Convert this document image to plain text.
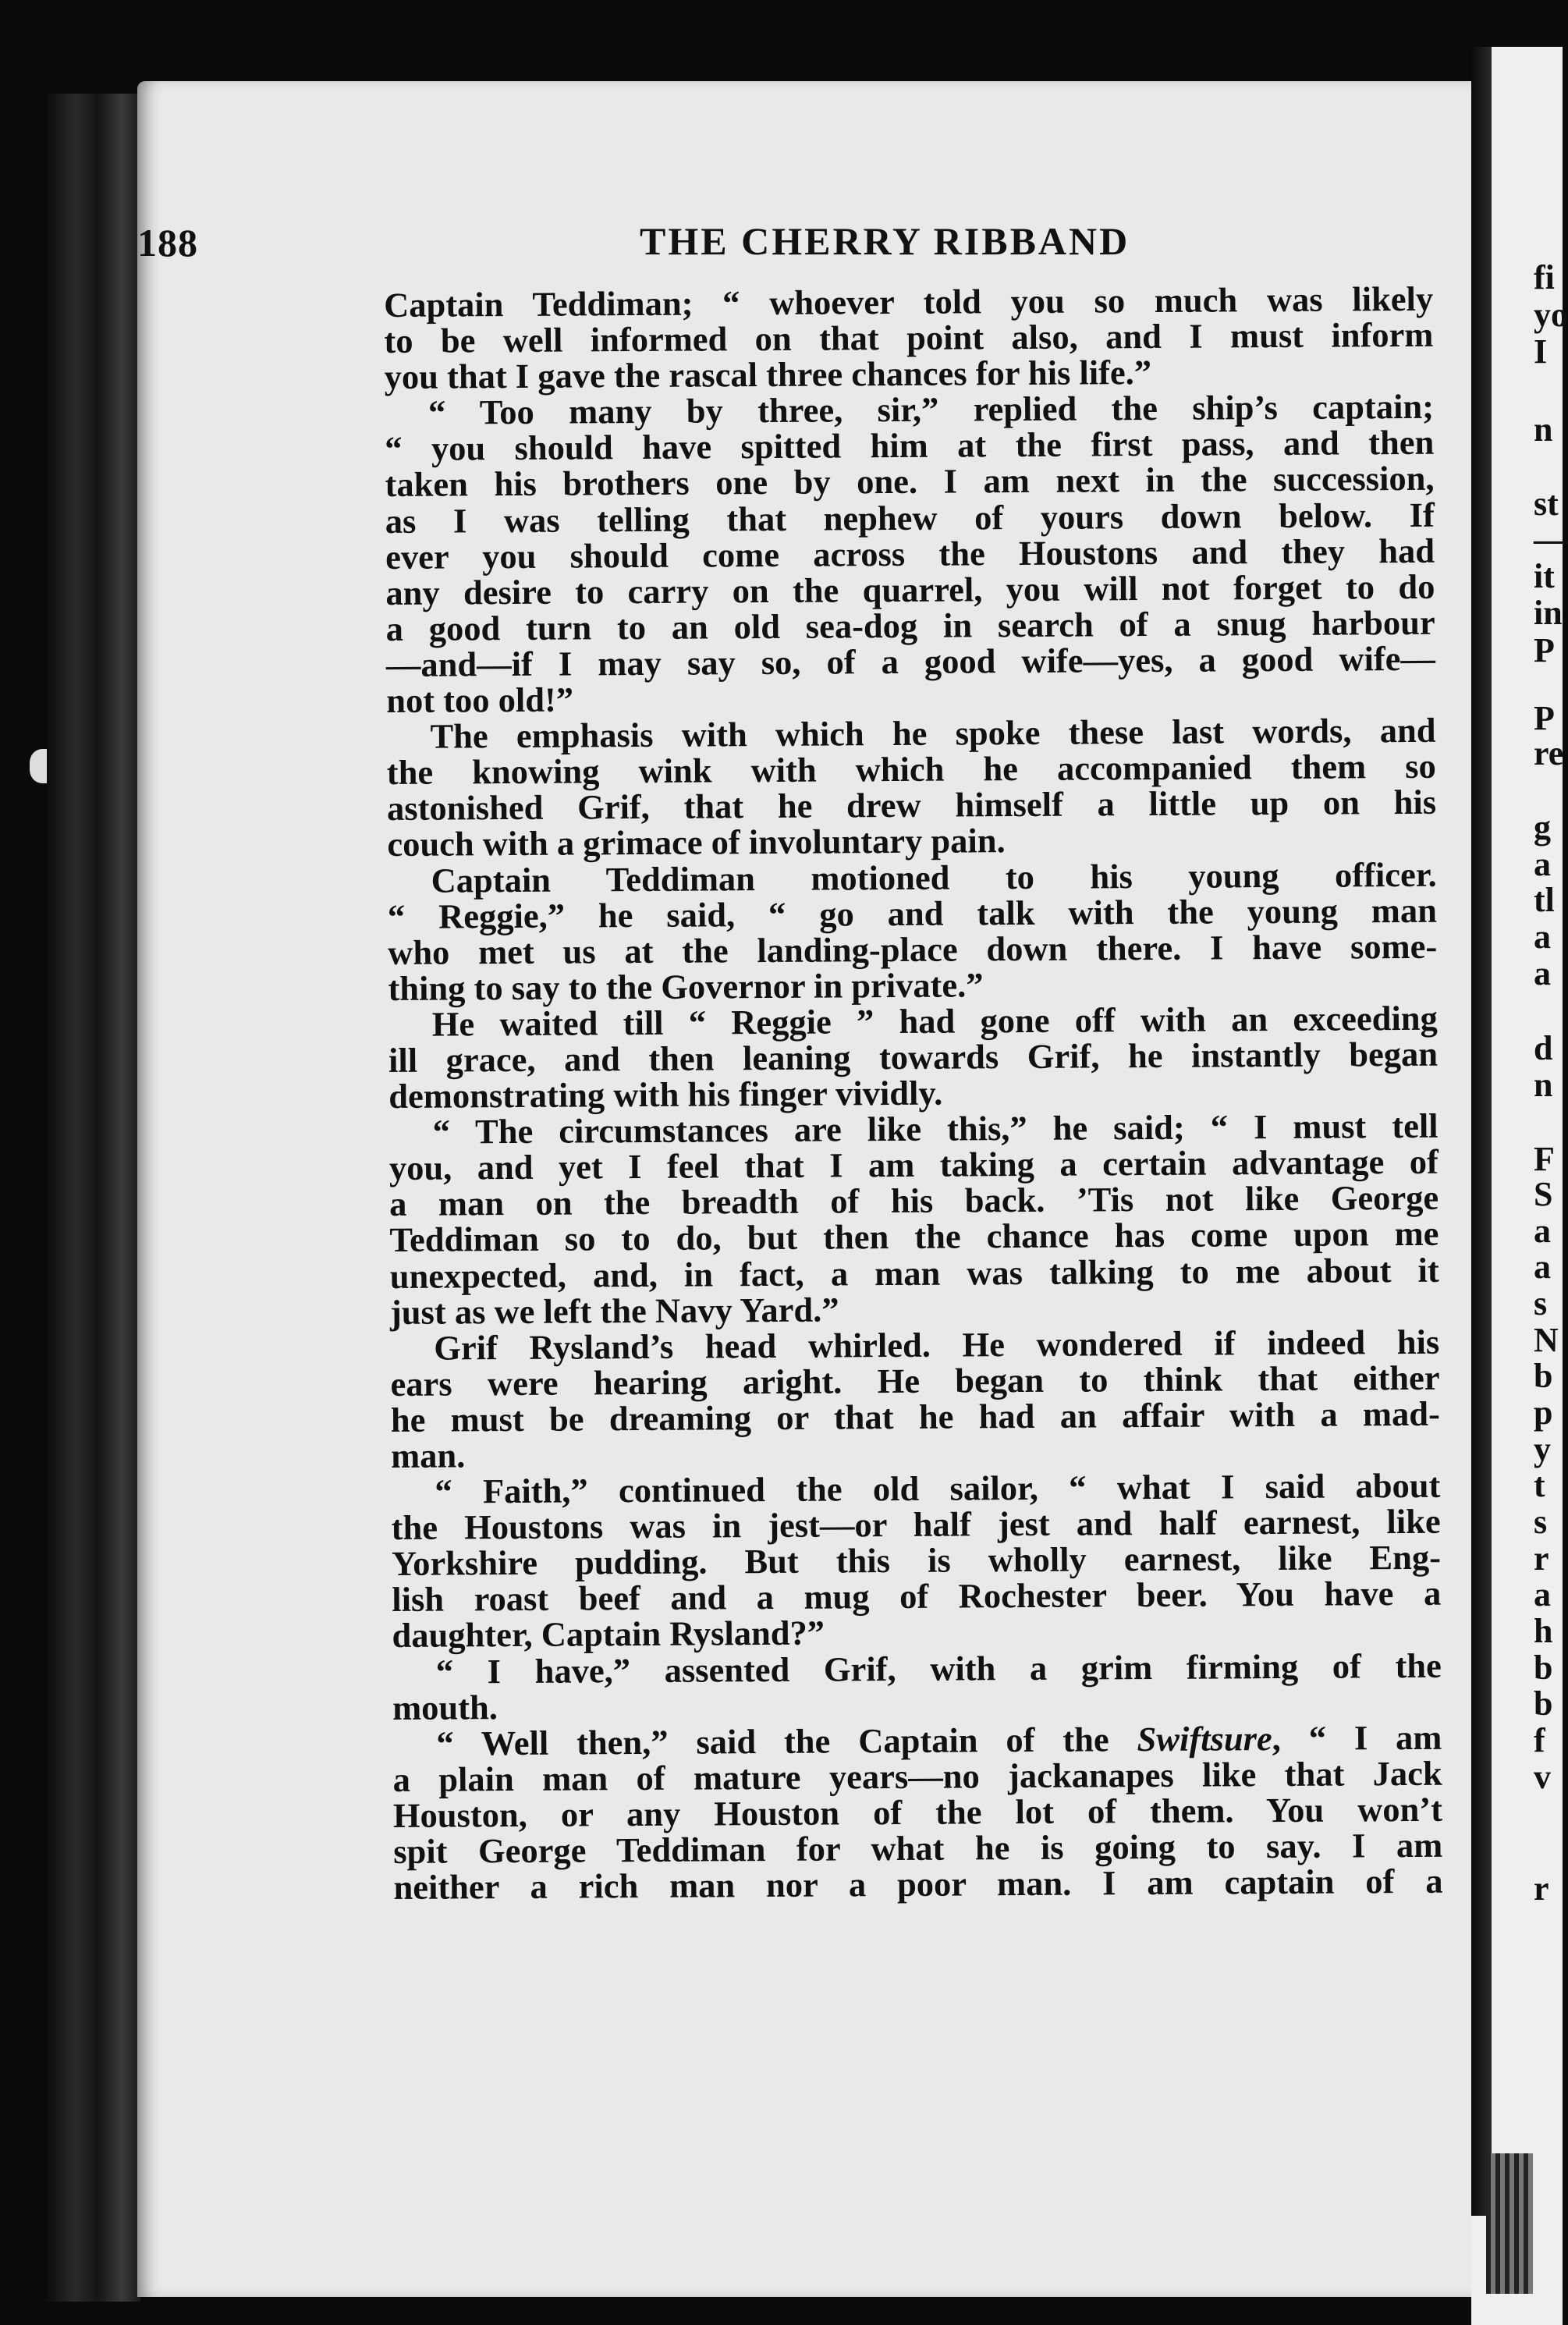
188	THE CHERRY RIBBAND
Captain Teddiman; “ whoever told you so much was likely
to be well informed on that point also, and I must inform
you that I gave the rascal three chances for his life.”
“ Too many by three, sir,” replied the ship’s captain;
“ you should have spitted him at the first pass, and then
taken his brothers one by one. I am next in the succession,
as I was telling that nephew of yours down below. If
ever you should come across the Houstons and they had
any desire to carry on the quarrel, you will not forget to do
a good turn to an old sea-dog in search of a snug harbour
—and—if I may say so, of a good wife—yes, a good wife—
not too old!”
The emphasis with which he spoke these last words, and
the knowing wink with which he accompanied them so
astonished Grif, that he drew himself a little up on his
couch with a grimace of involuntary pain.
Captain Teddiman motioned to his young officer.
“ Reggie,” he said, “ go and talk with the young man
who met us at the landing-place down there. I have some-
thing to say to the Governor in private.”
He waited till “ Reggie ” had gone off with an exceeding
ill grace, and then leaning towards Grif, he instantly began
demonstrating with his finger vividly.
“ The circumstances are like this,” he said; “ I must tell
you, and yet I feel that I am taking a certain advantage of
a man on the breadth of his back. ’Tis not like George
Teddiman so to do, but then the chance has come upon me
unexpected, and, in fact, a man was talking to me about it
just as we left the Navy Yard.”
Grif Rysland’s head whirled. He wondered if indeed his
ears were hearing aright. He began to think that either
he must be dreaming or that he had an affair with a mad-
man.
“ Faith,” continued the old sailor, “ what I said about
the Houstons was in jest—or half jest and half earnest, like
Yorkshire pudding. But this is wholly earnest, like Eng-
lish roast beef and a mug of Rochester beer. You have a
daughter, Captain Rysland?”
“ I have,” assented Grif, with a grim firming of the
mouth.
“ Well then,” said the Captain of the Swiftsure, “ I am
a plain man of mature years—no jackanapes like that Jack
Houston, or any Houston of the lot of them. You won’t
spit George Teddiman for what he is going to say. I am
neither a rich man nor a poor man. I am captain of a
fi
yo
I
n
st
—
it
in
P
P
re
g
a
tl
a
a
d
n
F
S
a
a
s
N
b
p
y
t
s
r
a
h
b
b
f
v
r
